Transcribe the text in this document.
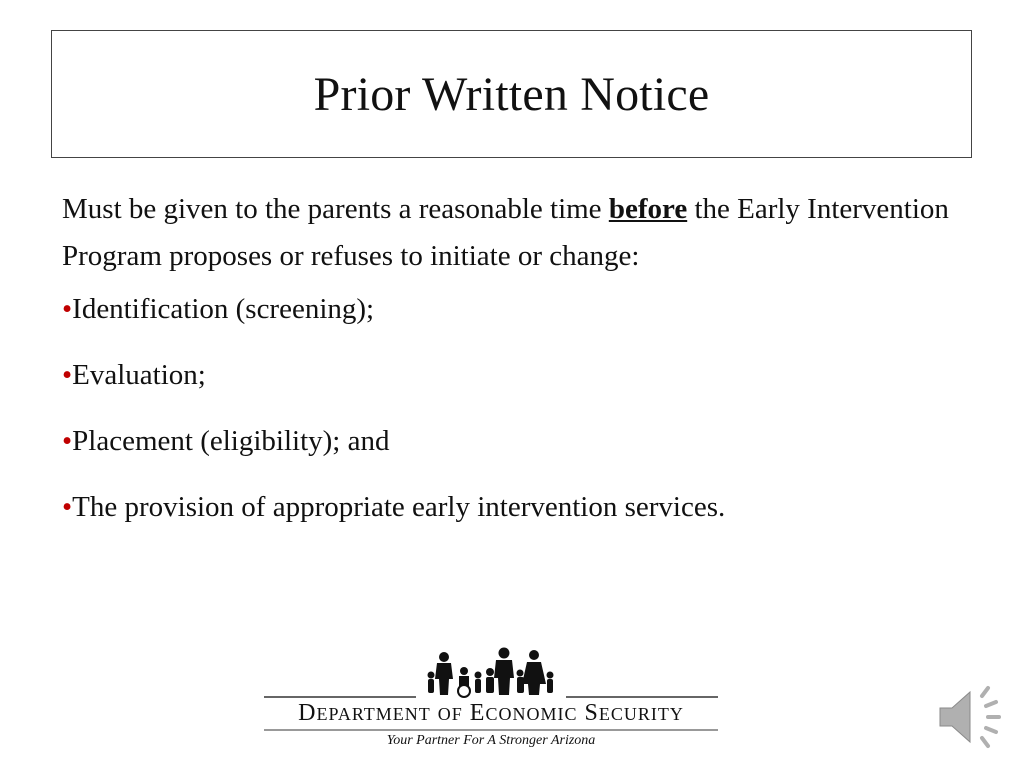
Prior Written Notice

Must be given to the parents a reasonable time before the Early Intervention Program proposes or refuses to initiate or change:

•Identification (screening);
•Evaluation;
•Placement (eligibility); and
•The provision of appropriate early intervention services.
DEPARTMENT OF ECONOMIC SECURITY
Your Partner For A Stronger Arizona
